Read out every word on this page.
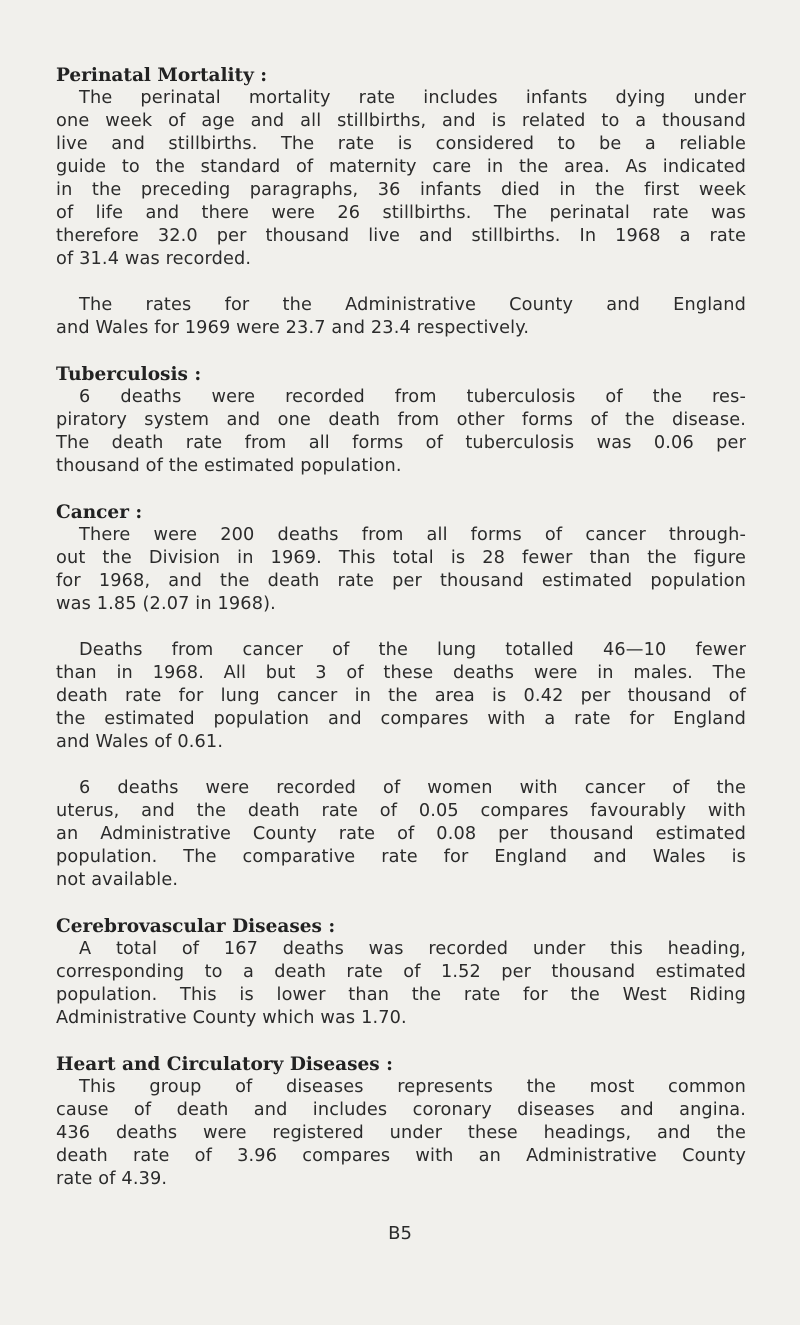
Perinatal Mortality :
The perinatal mortality rate includes infants dying under
one week of age and all stillbirths, and is related to a thousand
live and stillbirths. The rate is considered to be a reliable
guide to the standard of maternity care in the area. As indicated
in the preceding paragraphs, 36 infants died in the first week
of life and there were 26 stillbirths. The perinatal rate was
therefore 32.0 per thousand live and stillbirths. In 1968 a rate
of 31.4 was recorded.
The rates for the Administrative County and England
and Wales for 1969 were 23.7 and 23.4 respectively.
Tuberculosis :
6 deaths were recorded from tuberculosis of the res-
piratory system and one death from other forms of the disease.
The death rate from all forms of tuberculosis was 0.06 per
thousand of the estimated population.
Cancer :
There were 200 deaths from all forms of cancer through-
out the Division in 1969. This total is 28 fewer than the figure
for 1968, and the death rate per thousand estimated population
was 1.85 (2.07 in 1968).
Deaths from cancer of the lung totalled 46—10 fewer
than in 1968. All but 3 of these deaths were in males. The
death rate for lung cancer in the area is 0.42 per thousand of
the estimated population and compares with a rate for England
and Wales of 0.61.
6 deaths were recorded of women with cancer of the
uterus, and the death rate of 0.05 compares favourably with
an Administrative County rate of 0.08 per thousand estimated
population. The comparative rate for England and Wales is
not available.
Cerebrovascular Diseases :
A total of 167 deaths was recorded under this heading,
corresponding to a death rate of 1.52 per thousand estimated
population. This is lower than the rate for the West Riding
Administrative County which was 1.70.
Heart and Circulatory Diseases :
This group of diseases represents the most common
cause of death and includes coronary diseases and angina.
436 deaths were registered under these headings, and the
death rate of 3.96 compares with an Administrative County
rate of 4.39.
B5
